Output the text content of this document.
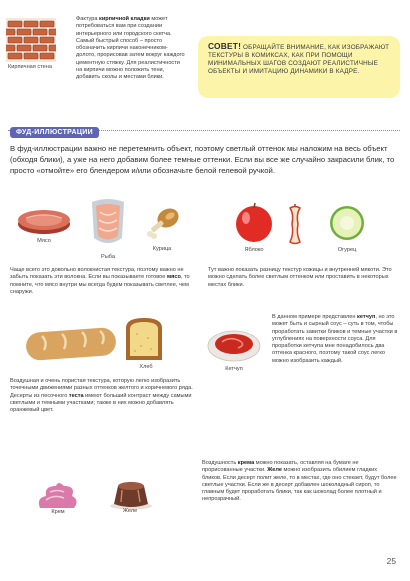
Кирпичная стена
Фактура кирпичной кладки может потребоваться вам при создании интерьерного или городского скетча. Самый быстрый способ – просто обозначить кирпичи наконечником-долото, прорисовав затем вокруг каждого цементную стяжку. Для реалистичности на кирпичи можно положить тени, добавить сколы и местами блики.
СОВЕТ! ОБРАЩАЙТЕ ВНИМАНИЕ, КАК ИЗОБРАЖАЮТ ТЕКСТУРЫ В КОМИКСАХ, КАК ПРИ ПОМОЩИ МИНИМАЛЬНЫХ ШАГОВ СОЗДАЮТ РЕАЛИСТИЧНЫЕ ОБЪЕКТЫ И ИМИТАЦИЮ ДИНАМИКИ В КАДРЕ.
ФУД-ИЛЛЮСТРАЦИИ
В фуд-иллюстрации важно не перетемнить объект, поэтому светлый оттенок мы наложим на весь объект (обходя блики), а уже на него добавим более темные оттенки. Если вы все же случайно закрасили блик, то просто «отмойте» его блендером и/или обозначьте белой гелевой ручкой.
Мясо
Рыба
Курица	Яблоко	Огурец
Чаще всего это довольно волокнистая текстура, поэтому важно не забыть показать эти волокна. Если вы показываете готовое мясо, то помните, что мясо внутри мы всегда будем показывать светлее, чем снаружи.
Тут важно показать разницу текстур кожицы и внутренней мякоти. Это можно сделать более светлым оттенком или проставить в некоторых местах блики.
Хлеб	Кетчуп
В данном примере представлен кетчуп, но это может быть и сырный соус – суть в том, чтобы проработать завитки бликов и темные участки в углублениях на поверхности соуса. Для проработки кетчупа мне понадобилось два оттенка красного, поэтому такой соус легко можно изобразить каждый.
Воздушная и очень пористая текстура, которую легко изобразить точечными движениями разных оттенков желтого и коричневого ряда. Десерты из песочного теста имеют больший контраст между самыми светлыми и темными участками; также в них можно добавлять оранжевый цвет.
Крем	Желе
Воздушность крема можно показать, оставляя на бумаге не прорисованные участки. Желе можно изобразить обилием гладких бликов. Если десерт полит желе, то в местах, где оно стекает, будут более светлые участки. Если же в десерт добавлен шоколадный сироп, то главным будет проработать блики, так как шоколад более плотный и непрозрачный.
25
